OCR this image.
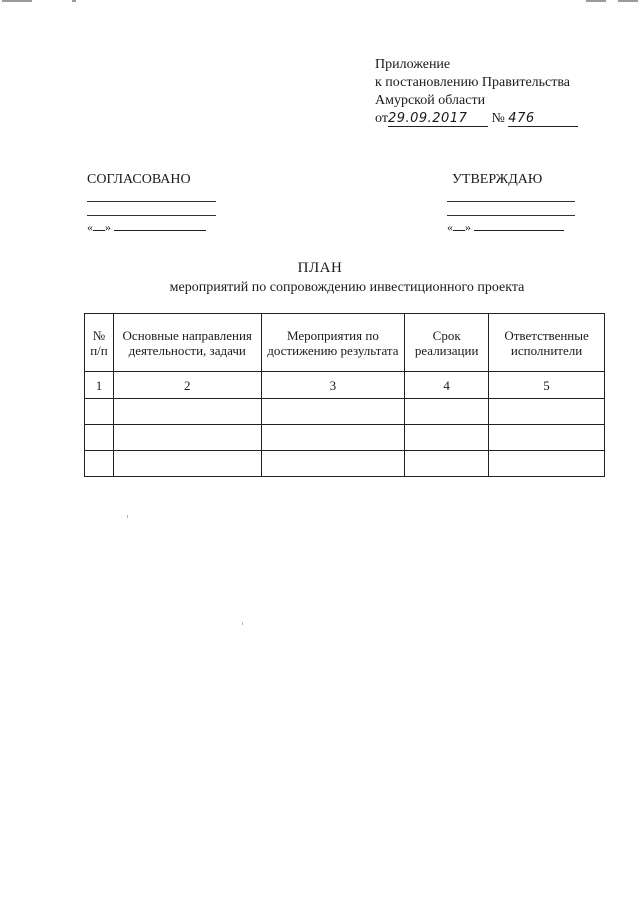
Приложение
к постановлению Правительства
Амурской области
от29.09.2017 № 476
СОГЛАСОВАНО	УТВЕРЖДАЮ
« »	« »
ПЛАН
мероприятий по сопровождению инвестиционного проекта
№ п/п	Основные направления деятельности, задачи	Мероприятия по достижению результата	Срок реализации	Ответственные исполнители
1	2	3	4	5
